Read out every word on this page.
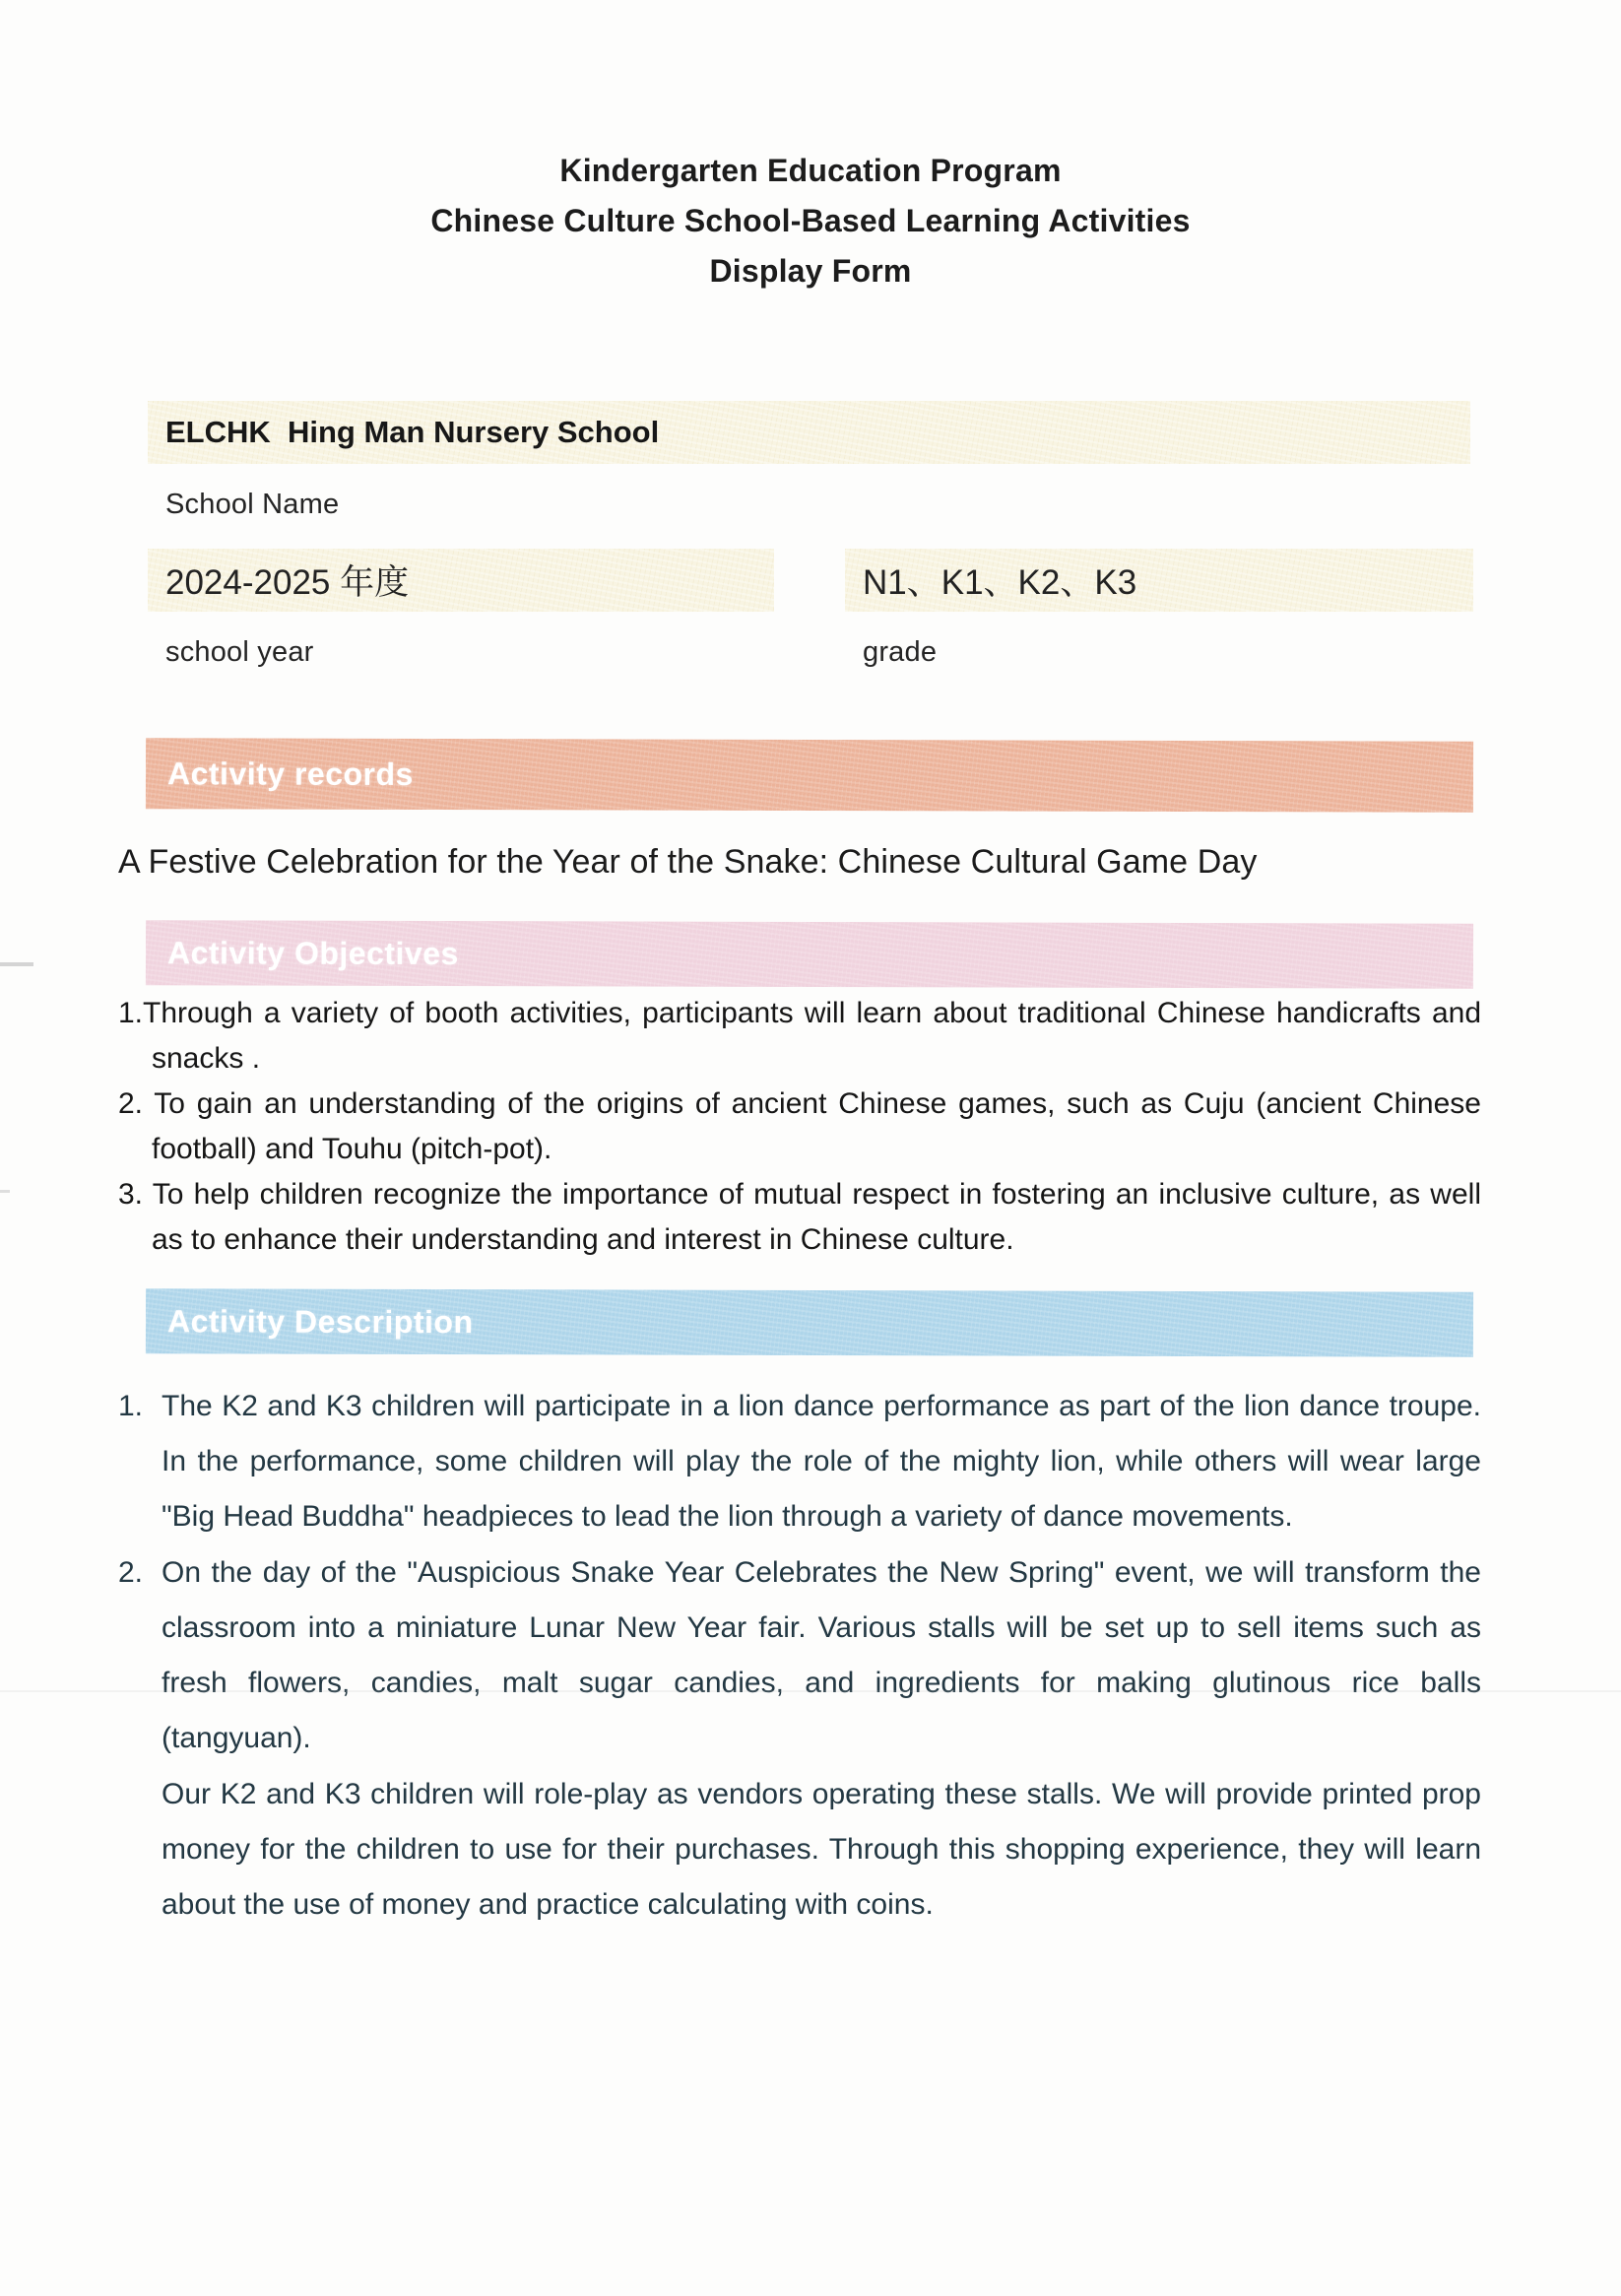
Kindergarten Education Program
Chinese Culture School-Based Learning Activities
Display Form
ELCHK  Hing Man Nursery School
School Name
2024-2025 年度	N1、K1、K2、K3
school year	grade
Activity records
A Festive Celebration for the Year of the Snake: Chinese Cultural Game Day
Activity Objectives
1.Through a variety of booth activities, participants will learn about traditional Chinese handicrafts and snacks .
2. To gain an understanding of the origins of ancient Chinese games, such as Cuju (ancient Chinese football) and Touhu (pitch-pot).
3. To help children recognize the importance of mutual respect in fostering an inclusive culture, as well as to enhance their understanding and interest in Chinese culture.
Activity Description
1. The K2 and K3 children will participate in a lion dance performance as part of the lion dance troupe. In the performance, some children will play the role of the mighty lion, while others will wear large "Big Head Buddha" headpieces to lead the lion through a variety of dance movements.
2. On the day of the "Auspicious Snake Year Celebrates the New Spring" event, we will transform the classroom into a miniature Lunar New Year fair. Various stalls will be set up to sell items such as fresh flowers, candies, malt sugar candies, and ingredients for making glutinous rice balls (tangyuan).
Our K2 and K3 children will role-play as vendors operating these stalls. We will provide printed prop money for the children to use for their purchases. Through this shopping experience, they will learn about the use of money and practice calculating with coins.
